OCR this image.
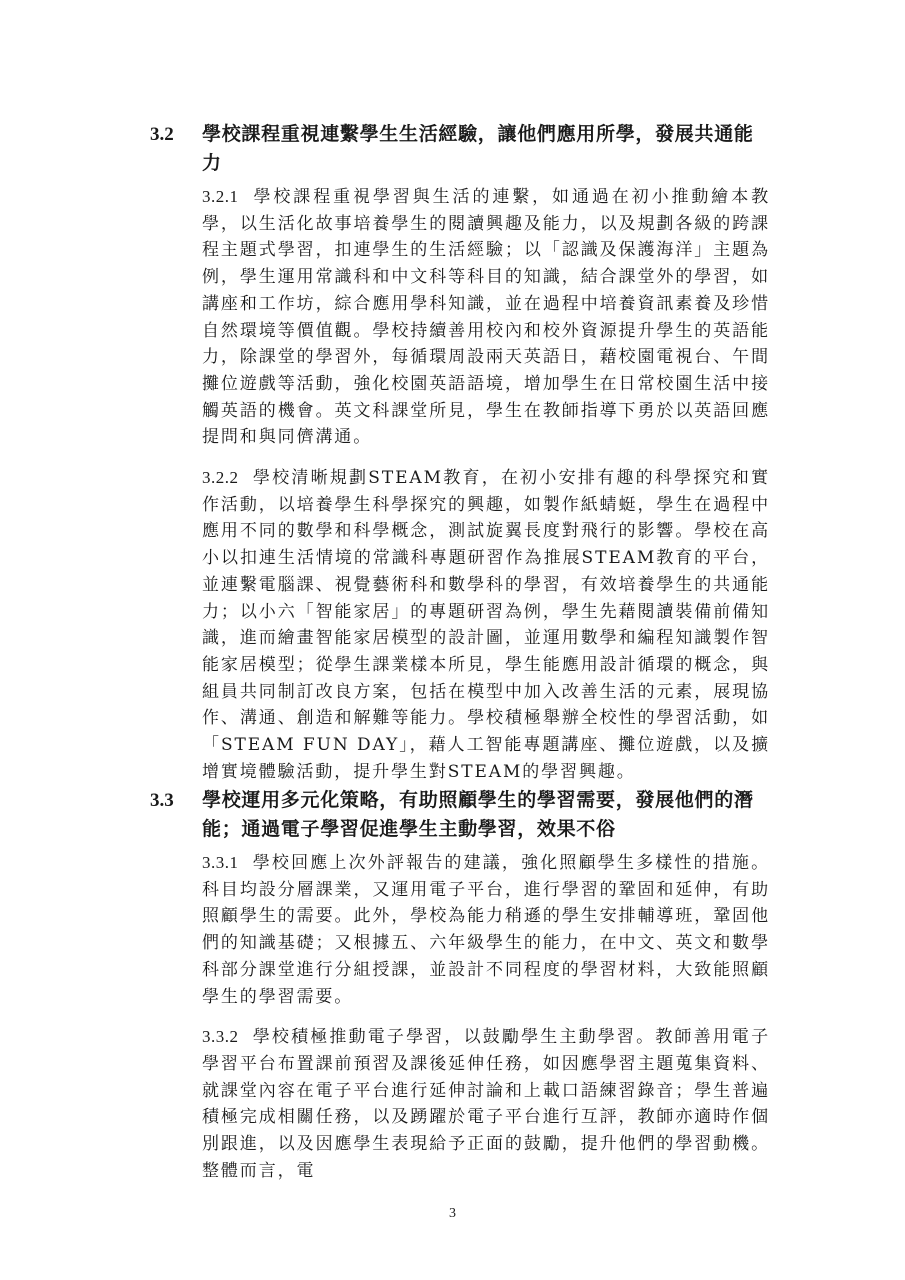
3.2 學校課程重視連繫學生生活經驗，讓他們應用所學，發展共通能力
3.2.1 學校課程重視學習與生活的連繫，如通過在初小推動繪本教學，以生活化故事培養學生的閱讀興趣及能力，以及規劃各級的跨課程主題式學習，扣連學生的生活經驗；以「認識及保護海洋」主題為例，學生運用常識科和中文科等科目的知識，結合課堂外的學習，如講座和工作坊，綜合應用學科知識，並在過程中培養資訊素養及珍惜自然環境等價值觀。學校持續善用校內和校外資源提升學生的英語能力，除課堂的學習外，每循環周設兩天英語日，藉校園電視台、午間攤位遊戲等活動，強化校園英語語境，增加學生在日常校園生活中接觸英語的機會。英文科課堂所見，學生在教師指導下勇於以英語回應提問和與同儕溝通。
3.2.2 學校清晰規劃STEAM教育，在初小安排有趣的科學探究和實作活動，以培養學生科學探究的興趣，如製作紙蜻蜓，學生在過程中應用不同的數學和科學概念，測試旋翼長度對飛行的影響。學校在高小以扣連生活情境的常識科專題研習作為推展STEAM教育的平台，並連繫電腦課、視覺藝術科和數學科的學習，有效培養學生的共通能力；以小六「智能家居」的專題研習為例，學生先藉閱讀裝備前備知識，進而繪畫智能家居模型的設計圖，並運用數學和編程知識製作智能家居模型；從學生課業樣本所見，學生能應用設計循環的概念，與組員共同制訂改良方案，包括在模型中加入改善生活的元素，展現協作、溝通、創造和解難等能力。學校積極舉辦全校性的學習活動，如「STEAM FUN DAY」，藉人工智能專題講座、攤位遊戲，以及擴增實境體驗活動，提升學生對STEAM的學習興趣。
3.3 學校運用多元化策略，有助照顧學生的學習需要，發展他們的潛能；通過電子學習促進學生主動學習，效果不俗
3.3.1 學校回應上次外評報告的建議，強化照顧學生多樣性的措施。科目均設分層課業，又運用電子平台，進行學習的鞏固和延伸，有助照顧學生的需要。此外，學校為能力稍遜的學生安排輔導班，鞏固他們的知識基礎；又根據五、六年級學生的能力，在中文、英文和數學科部分課堂進行分組授課，並設計不同程度的學習材料，大致能照顧學生的學習需要。
3.3.2 學校積極推動電子學習，以鼓勵學生主動學習。教師善用電子學習平台布置課前預習及課後延伸任務，如因應學習主題蒐集資料、就課堂內容在電子平台進行延伸討論和上載口語練習錄音；學生普遍積極完成相關任務，以及踴躍於電子平台進行互評，教師亦適時作個別跟進，以及因應學生表現給予正面的鼓勵，提升他們的學習動機。整體而言，電
3
